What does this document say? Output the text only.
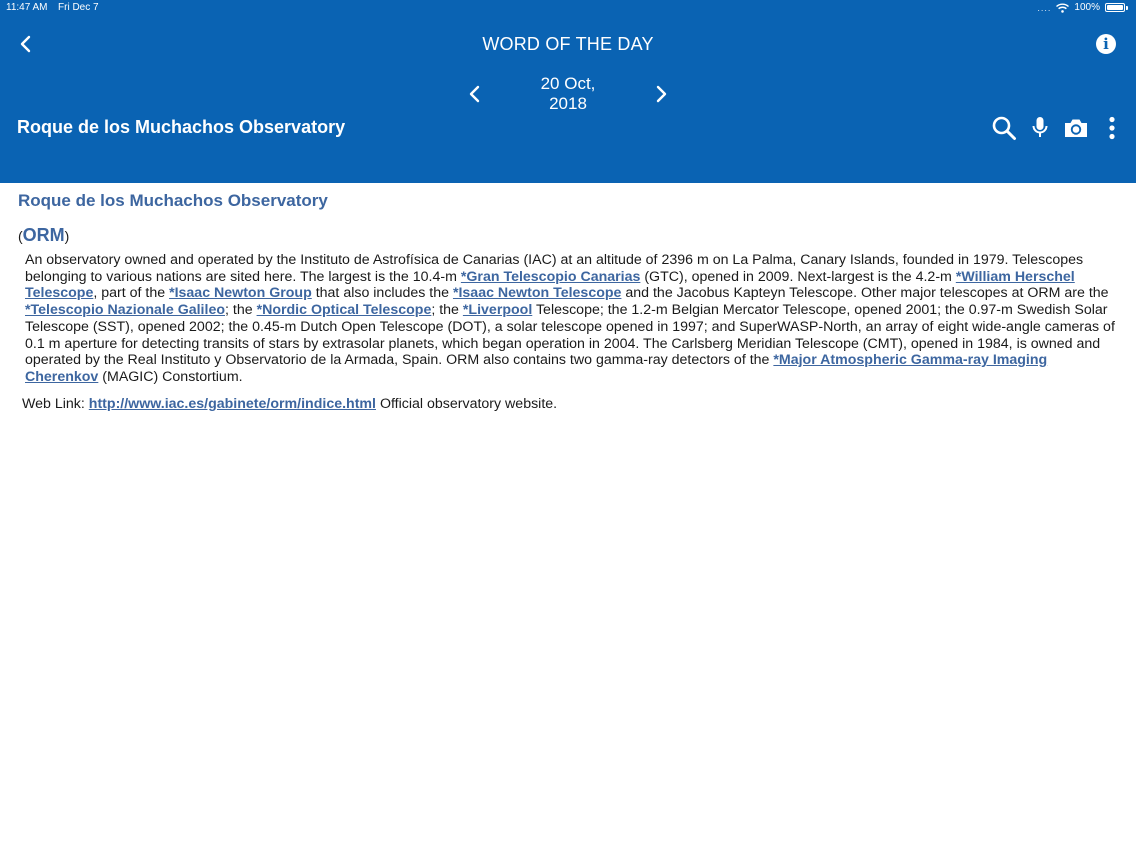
11:47 AM Fri Dec 7	.... 100%
WORD OF THE DAY	i
20 Oct, 2018
Roque de los Muchachos Observatory
Roque de los Muchachos Observatory
(ORM)

An observatory owned and operated by the Instituto de Astrofísica de Canarias (IAC) at an altitude of 2396 m on La Palma, Canary Islands, founded in 1979. Telescopes belonging to various nations are sited here. The largest is the 10.4-m *Gran Telescopio Canarias (GTC), opened in 2009. Next-largest is the 4.2-m *William Herschel Telescope, part of the *Isaac Newton Group that also includes the *Isaac Newton Telescope and the Jacobus Kapteyn Telescope. Other major telescopes at ORM are the *Telescopio Nazionale Galileo; the *Nordic Optical Telescope; the *Liverpool Telescope; the 1.2-m Belgian Mercator Telescope, opened 2001; the 0.97-m Swedish Solar Telescope (SST), opened 2002; the 0.45-m Dutch Open Telescope (DOT), a solar telescope opened in 1997; and SuperWASP-North, an array of eight wide-angle cameras of 0.1 m aperture for detecting transits of stars by extrasolar planets, which began operation in 2004. The Carlsberg Meridian Telescope (CMT), opened in 1984, is owned and operated by the Real Instituto y Observatorio de la Armada, Spain. ORM also contains two gamma-ray detectors of the *Major Atmospheric Gamma-ray Imaging Cherenkov (MAGIC) Constortium.

Web Link: http://www.iac.es/gabinete/orm/indice.html Official observatory website.
